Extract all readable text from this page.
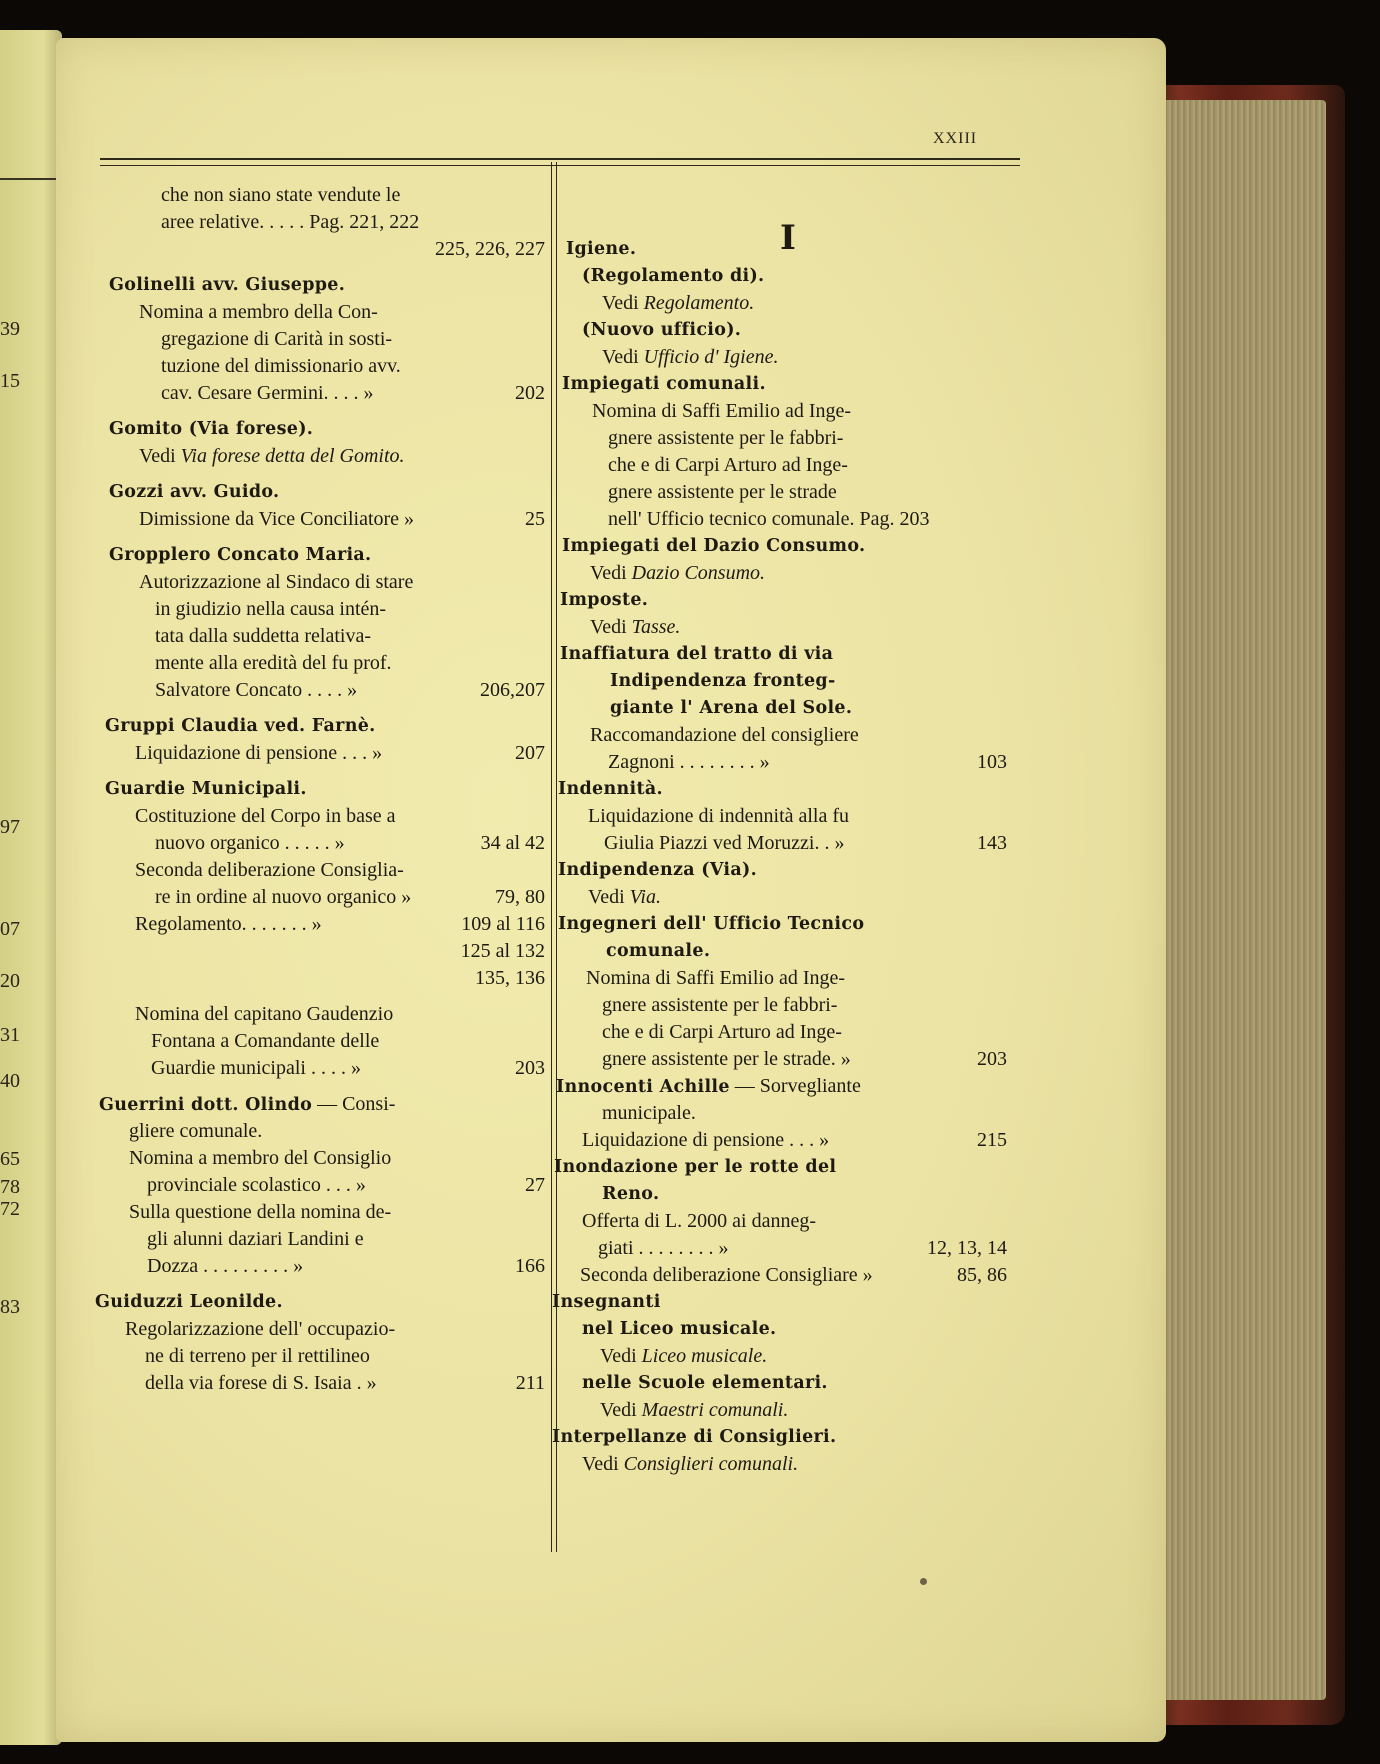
39
15
97
07
20
31
40
65
78
72
83
XXIII
I
che non siano state vendute le
aree relative. . . . . Pag. 221, 222
225, 226, 227
Golinelli avv. Giuseppe.
Nomina a membro della Con-
gregazione di Carità in sosti-
tuzione del dimissionario avv.
cav. Cesare Germini. . . . »	202
Gomito (Via forese).
Vedi Via forese detta del Gomito.
Gozzi avv. Guido.
Dimissione da Vice Conciliatore »	25
Gropplero Concato Maria.
Autorizzazione al Sindaco di stare
in giudizio nella causa intén-
tata dalla suddetta relativa-
mente alla eredità del fu prof.
Salvatore Concato . . . . »	206,207
Gruppi Claudia ved. Farnè.
Liquidazione di pensione . . . »	207
Guardie Municipali.
Costituzione del Corpo in base a
nuovo organico . . . . . »	34 al 42
Seconda deliberazione Consiglia-
re in ordine al nuovo organico »	79, 80
Regolamento. . . . . . . »	109 al 116
125 al 132
135, 136
Nomina del capitano Gaudenzio
Fontana a Comandante delle
Guardie municipali . . . . »	203
Guerrini dott. Olindo — Consi-
gliere comunale.
Nomina a membro del Consiglio
provinciale scolastico . . . »	27
Sulla questione della nomina de-
gli alunni daziari Landini e
Dozza . . . . . . . . . »	166
Guiduzzi Leonilde.
Regolarizzazione dell' occupazio-
ne di terreno per il rettilineo
della via forese di S. Isaia . »	211
Igiene.
(Regolamento di).
Vedi Regolamento.
(Nuovo ufficio).
Vedi Ufficio d' Igiene.
Impiegati comunali.
Nomina di Saffi Emilio ad Inge-
gnere assistente per le fabbri-
che e di Carpi Arturo ad Inge-
gnere assistente per le strade
nell' Ufficio tecnico comunale. Pag. 203
Impiegati del Dazio Consumo.
Vedi Dazio Consumo.
Imposte.
Vedi Tasse.
Inaffiatura del tratto di via
Indipendenza fronteg-
giante l' Arena del Sole.
Raccomandazione del consigliere
Zagnoni . . . . . . . . »	103
Indennità.
Liquidazione di indennità alla fu
Giulia Piazzi ved Moruzzi. . »	143
Indipendenza (Via).
Vedi Via.
Ingegneri dell' Ufficio Tecnico
comunale.
Nomina di Saffi Emilio ad Inge-
gnere assistente per le fabbri-
che e di Carpi Arturo ad Inge-
gnere assistente per le strade. »	203
Innocenti Achille — Sorvegliante
municipale.
Liquidazione di pensione . . . »	215
Inondazione per le rotte del
Reno.
Offerta di L. 2000 ai danneg-
giati . . . . . . . . »	12, 13, 14
Seconda deliberazione Consigliare »	85, 86
Insegnanti
nel Liceo musicale.
Vedi Liceo musicale.
nelle Scuole elementari.
Vedi Maestri comunali.
Interpellanze di Consiglieri.
Vedi Consiglieri comunali.
